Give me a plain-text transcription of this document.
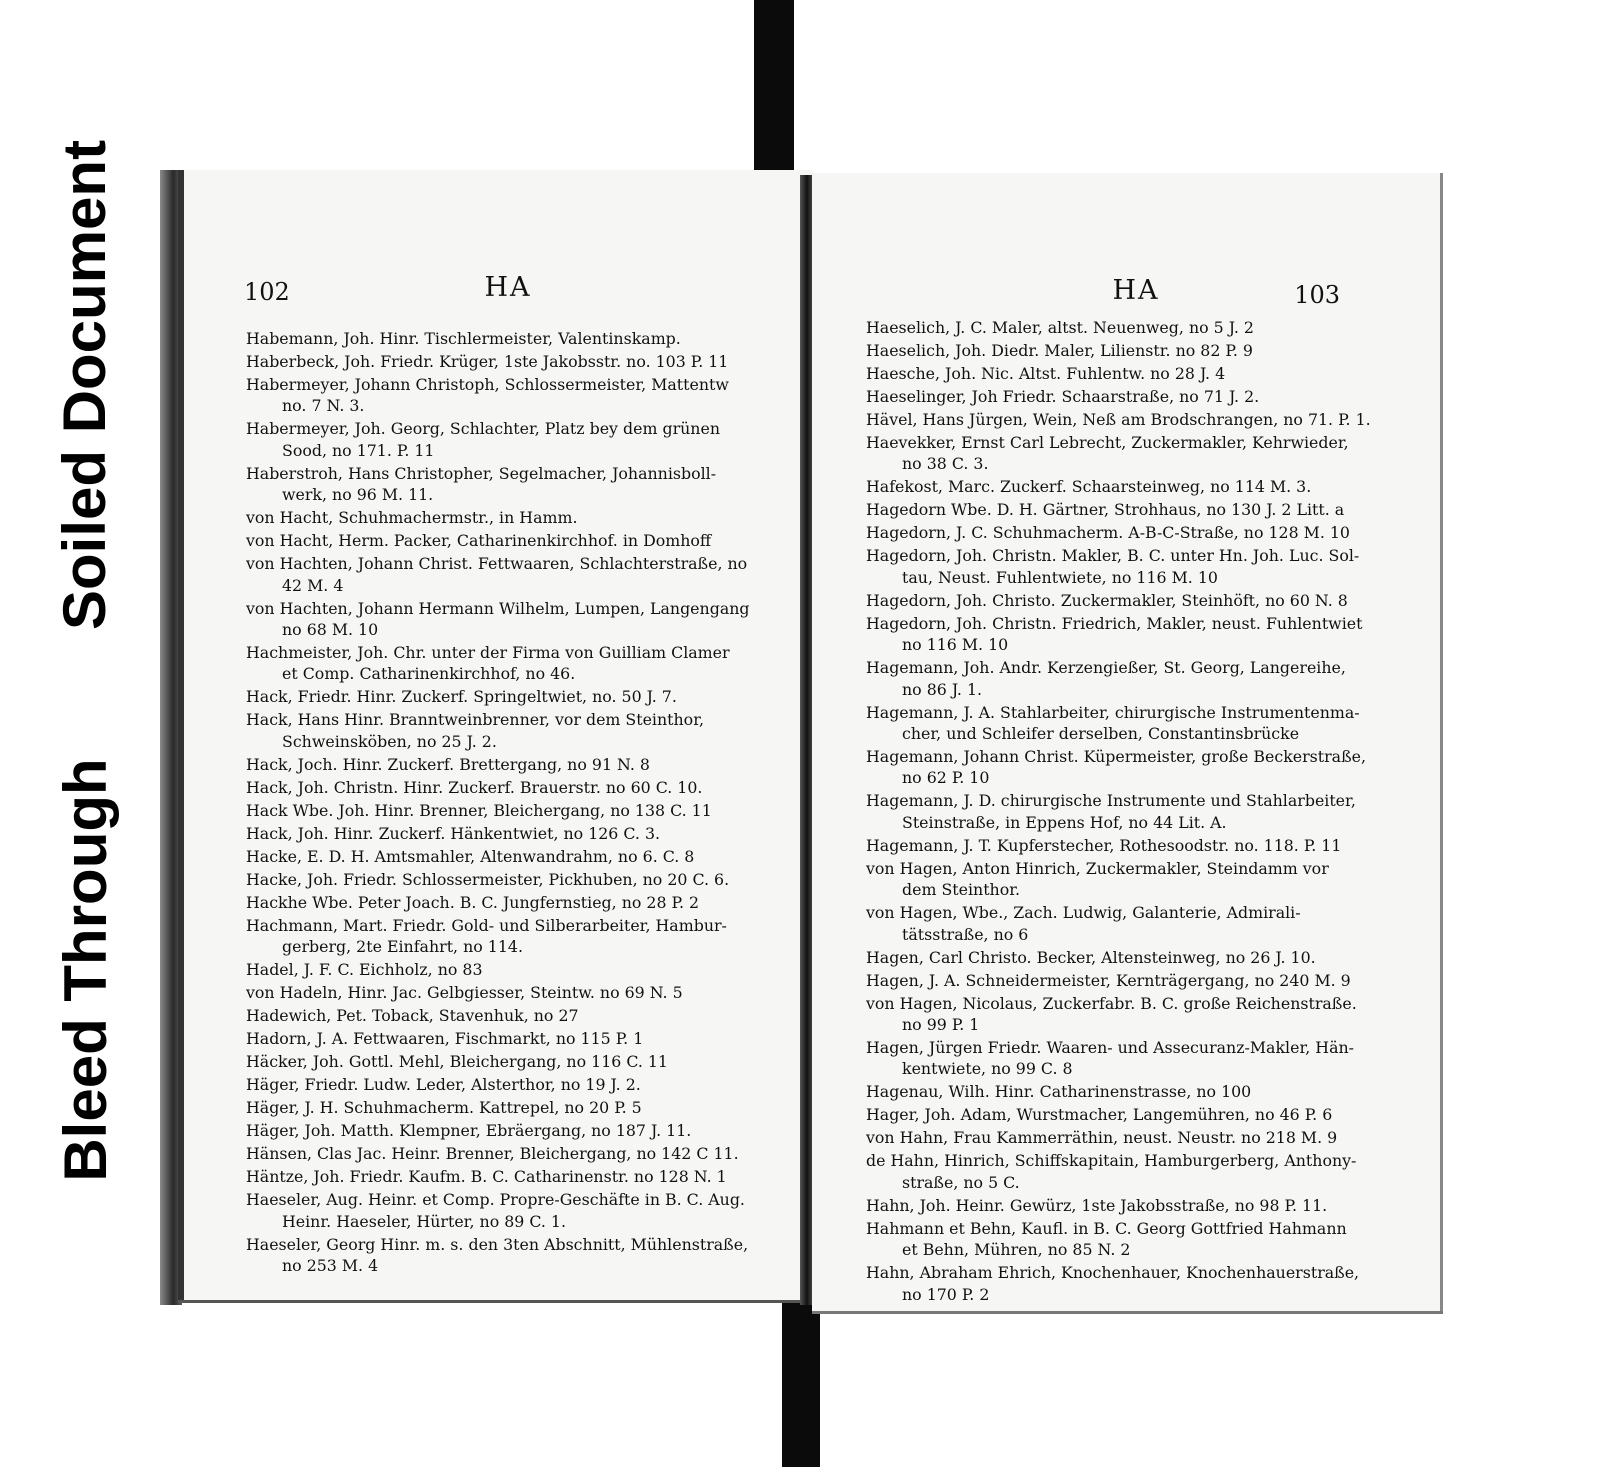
Soiled Document
Bleed Through
102	HA
Habemann, Joh. Hinr. Tischlermeister, Valentinskamp.
Haberbeck, Joh. Friedr. Krüger, 1ste Jakobsstr. no. 103 P. 11
Habermeyer, Johann Christoph, Schlossermeister, Mattentw
no. 7 N. 3.
Habermeyer, Joh. Georg, Schlachter, Platz bey dem grünen
Sood, no 171. P. 11
Haberstroh, Hans Christopher, Segelmacher, Johannisboll-
werk, no 96 M. 11.
von Hacht, Schuhmachermstr., in Hamm.
von Hacht, Herm. Packer, Catharinenkirchhof. in Domhoff
von Hachten, Johann Christ. Fettwaaren, Schlachterstraße, no
42 M. 4
von Hachten, Johann Hermann Wilhelm, Lumpen, Langengang
no 68 M. 10
Hachmeister, Joh. Chr. unter der Firma von Guilliam Clamer
et Comp. Catharinenkirchhof, no 46.
Hack, Friedr. Hinr. Zuckerf. Springeltwiet, no. 50 J. 7.
Hack, Hans Hinr. Branntweinbrenner, vor dem Steinthor,
Schweinsköben, no 25 J. 2.
Hack, Joch. Hinr. Zuckerf. Brettergang, no 91 N. 8
Hack, Joh. Christn. Hinr. Zuckerf. Brauerstr. no 60 C. 10.
Hack Wbe. Joh. Hinr. Brenner, Bleichergang, no 138 C. 11
Hack, Joh. Hinr. Zuckerf. Hänkentwiet, no 126 C. 3.
Hacke, E. D. H. Amtsmahler, Altenwandrahm, no 6. C. 8
Hacke, Joh. Friedr. Schlossermeister, Pickhuben, no 20 C. 6.
Hackhe Wbe. Peter Joach. B. C. Jungfernstieg, no 28 P. 2
Hachmann, Mart. Friedr. Gold- und Silberarbeiter, Hambur-
gerberg, 2te Einfahrt, no 114.
Hadel, J. F. C. Eichholz, no 83
von Hadeln, Hinr. Jac. Gelbgiesser, Steintw. no 69 N. 5
Hadewich, Pet. Toback, Stavenhuk, no 27
Hadorn, J. A. Fettwaaren, Fischmarkt, no 115 P. 1
Häcker, Joh. Gottl. Mehl, Bleichergang, no 116 C. 11
Häger, Friedr. Ludw. Leder, Alsterthor, no 19 J. 2.
Häger, J. H. Schuhmacherm. Kattrepel, no 20 P. 5
Häger, Joh. Matth. Klempner, Ebräergang, no 187 J. 11.
Hänsen, Clas Jac. Heinr. Brenner, Bleichergang, no 142 C 11.
Häntze, Joh. Friedr. Kaufm. B. C. Catharinenstr. no 128 N. 1
Haeseler, Aug. Heinr. et Comp. Propre-Geschäfte in B. C. Aug.
Heinr. Haeseler, Hürter, no 89 C. 1.
Haeseler, Georg Hinr. m. s. den 3ten Abschnitt, Mühlenstraße,
no 253 M. 4
HA	103
Haeselich, J. C. Maler, altst. Neuenweg, no 5 J. 2
Haeselich, Joh. Diedr. Maler, Lilienstr. no 82 P. 9
Haesche, Joh. Nic. Altst. Fuhlentw. no 28 J. 4
Haeselinger, Joh Friedr. Schaarstraße, no 71 J. 2.
Hävel, Hans Jürgen, Wein, Neß am Brodschrangen, no 71. P. 1.
Haevekker, Ernst Carl Lebrecht, Zuckermakler, Kehrwieder,
no 38 C. 3.
Hafekost, Marc. Zuckerf. Schaarsteinweg, no 114 M. 3.
Hagedorn Wbe. D. H. Gärtner, Strohhaus, no 130 J. 2 Litt. a
Hagedorn, J. C. Schuhmacherm. A-B-C-Straße, no 128 M. 10
Hagedorn, Joh. Christn. Makler, B. C. unter Hn. Joh. Luc. Sol-
tau, Neust. Fuhlentwiete, no 116 M. 10
Hagedorn, Joh. Christo. Zuckermakler, Steinhöft, no 60 N. 8
Hagedorn, Joh. Christn. Friedrich, Makler, neust. Fuhlentwiet
no 116 M. 10
Hagemann, Joh. Andr. Kerzengießer, St. Georg, Langereihe,
no 86 J. 1.
Hagemann, J. A. Stahlarbeiter, chirurgische Instrumentenma-
cher, und Schleifer derselben, Constantinsbrücke
Hagemann, Johann Christ. Küpermeister, große Beckerstraße,
no 62 P. 10
Hagemann, J. D. chirurgische Instrumente und Stahlarbeiter,
Steinstraße, in Eppens Hof, no 44 Lit. A.
Hagemann, J. T. Kupferstecher, Rothesoodstr. no. 118. P. 11
von Hagen, Anton Hinrich, Zuckermakler, Steindamm vor
dem Steinthor.
von Hagen, Wbe., Zach. Ludwig, Galanterie, Admirali-
tätsstraße, no 6
Hagen, Carl Christo. Becker, Altensteinweg, no 26 J. 10.
Hagen, J. A. Schneidermeister, Kernträgergang, no 240 M. 9
von Hagen, Nicolaus, Zuckerfabr. B. C. große Reichenstraße.
no 99 P. 1
Hagen, Jürgen Friedr. Waaren- und Assecuranz-Makler, Hän-
kentwiete, no 99 C. 8
Hagenau, Wilh. Hinr. Catharinenstrasse, no 100
Hager, Joh. Adam, Wurstmacher, Langemühren, no 46 P. 6
von Hahn, Frau Kammerräthin, neust. Neustr. no 218 M. 9
de Hahn, Hinrich, Schiffskapitain, Hamburgerberg, Anthony-
straße, no 5 C.
Hahn, Joh. Heinr. Gewürz, 1ste Jakobsstraße, no 98 P. 11.
Hahmann et Behn, Kaufl. in B. C. Georg Gottfried Hahmann
et Behn, Mühren, no 85 N. 2
Hahn, Abraham Ehrich, Knochenhauer, Knochenhauerstraße,
no 170 P. 2
